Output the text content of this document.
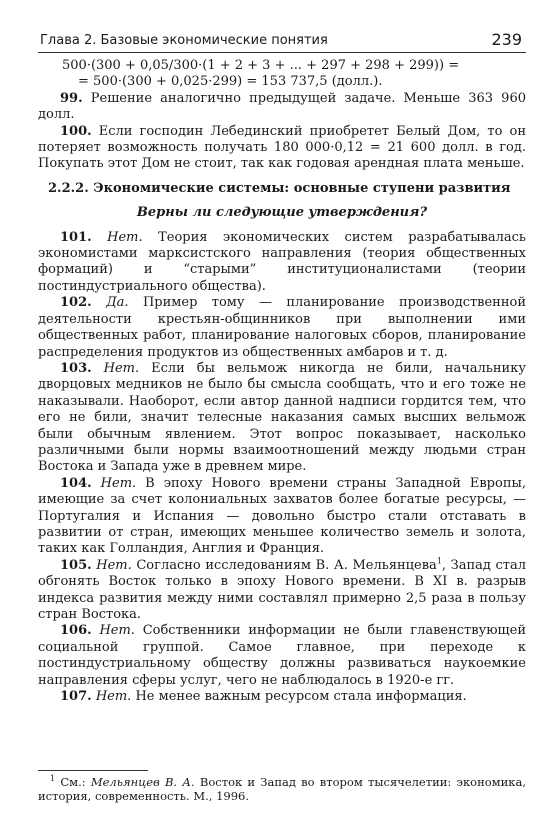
Глава 2. Базовые экономические понятия	239
500·(300 + 0,05/300·(1 + 2 + 3 + ... + 297 + 298 + 299)) =
= 500·(300 + 0,025·299) = 153 737,5 (долл.).

99. Решение аналогично предыдущей задаче. Меньше 363 960 долл.

100. Если господин Лебединский приобретет Белый Дом, то он потеряет возможность получать 180 000·0,12 = 21 600 долл. в год. Покупать этот Дом не стоит, так как годовая арендная плата меньше.

2.2.2. Экономические системы: основные ступени развития

Верны ли следующие утверждения?

101. Нет. Теория экономических систем разрабатывалась экономистами марксистского направления (теория общественных формаций) и “старыми” институционалистами (теории постиндустриального общества).

102. Да. Пример тому — планирование производственной деятельности крестьян-общинников при выполнении ими общественных работ, планирование налоговых сборов, планирование распределения продуктов из общественных амбаров и т. д.

103. Нет. Если бы вельмож никогда не били, начальнику дворцовых медников не было бы смысла сообщать, что и его тоже не наказывали. Наоборот, если автор данной надписи гордится тем, что его не били, значит телесные наказания самых высших вельмож были обычным явлением. Этот вопрос показывает, насколько различными были нормы взаимоотношений между людьми стран Востока и Запада уже в древнем мире.

104. Нет. В эпоху Нового времени страны Западной Европы, имеющие за счет колониальных захватов более богатые ресурсы, — Португалия и Испания — довольно быстро стали отставать в развитии от стран, имеющих меньшее количество земель и золота, таких как Голландия, Англия и Франция.

105. Нет. Согласно исследованиям В. А. Мельянцева$^1$, Запад стал обгонять Восток только в эпоху Нового времени. В XI в. разрыв индекса развития между ними составлял примерно 2,5 раза в пользу стран Востока.

106. Нет. Собственники информации не были главенствующей социальной группой. Самое главное, при переходе к постиндустриальному обществу должны развиваться наукоемкие направления сферы услуг, чего не наблюдалось в 1920-е гг.

107. Нет. Не менее важным ресурсом стала информация.

$^1$ См.: Мельянцев В. А. Восток и Запад во втором тысячелетии: экономика, история, современность. М., 1996.
